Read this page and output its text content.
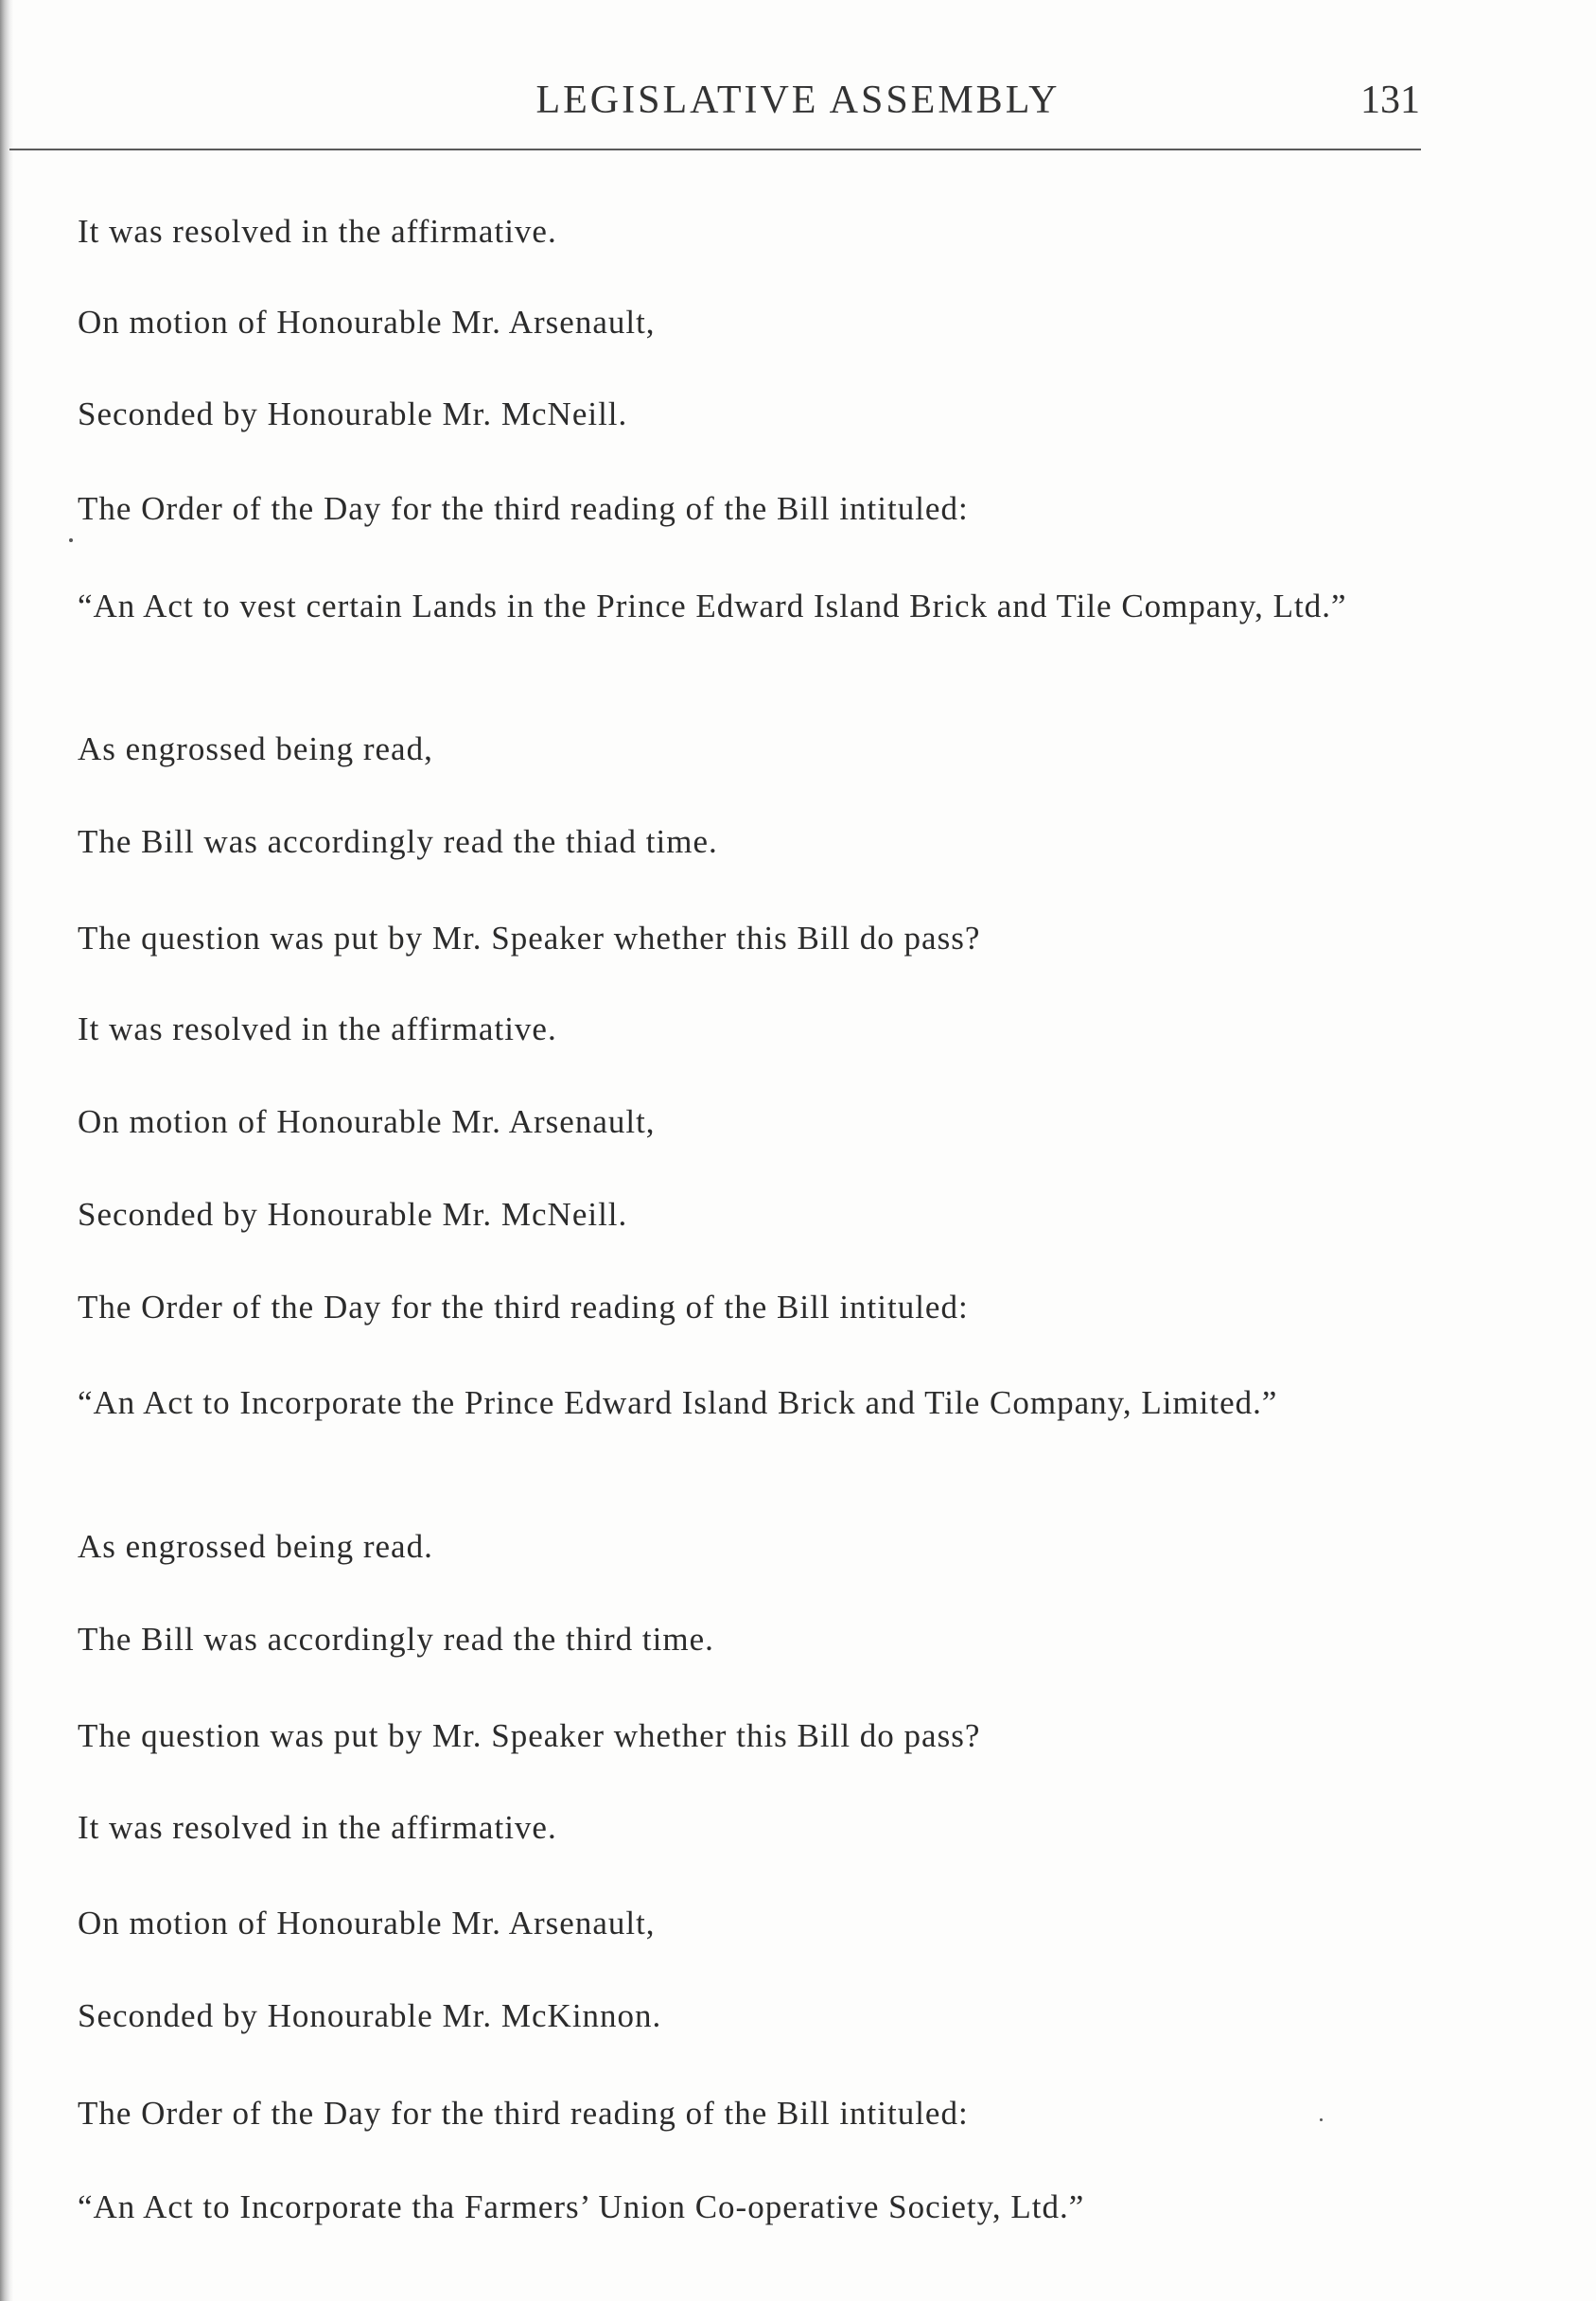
LEGISLATIVE ASSEMBLY	131

It was resolved in the affirmative.

On motion of Honourable Mr. Arsenault,

Seconded by Honourable Mr. McNeill.

The Order of the Day for the third reading of the Bill intituled:

“An Act to vest certain Lands in the Prince Edward Island Brick and Tile Company, Ltd.”

As engrossed being read,

The Bill was accordingly read the thiad time.

The question was put by Mr. Speaker whether this Bill do pass?

It was resolved in the affirmative.

On motion of Honourable Mr. Arsenault,

Seconded by Honourable Mr. McNeill.

The Order of the Day for the third reading of the Bill intituled:

“An Act to Incorporate the Prince Edward Island Brick and Tile Company, Limited.”

As engrossed being read.

The Bill was accordingly read the third time.

The question was put by Mr. Speaker whether this Bill do pass?

It was resolved in the affirmative.

On motion of Honourable Mr. Arsenault,

Seconded by Honourable Mr. McKinnon.

The Order of the Day for the third reading of the Bill intituled:

“An Act to Incorporate tha Farmers’ Union Co-operative Society, Ltd.”
